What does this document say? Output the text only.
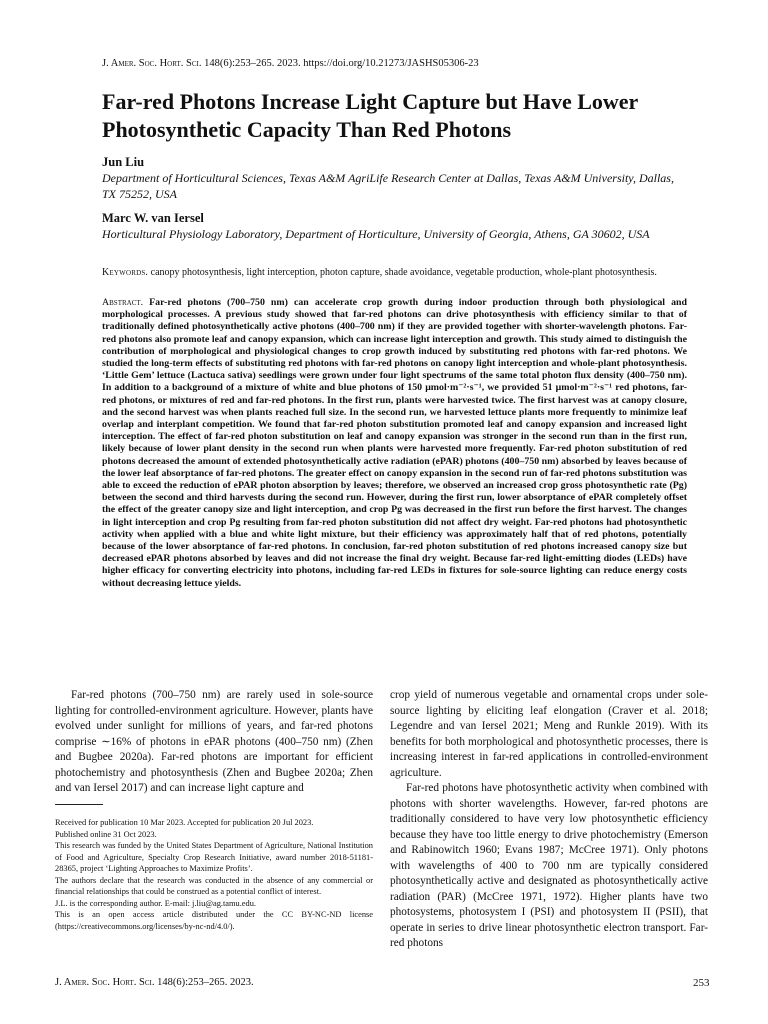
J. Amer. Soc. Hort. Sci. 148(6):253–265. 2023. https://doi.org/10.21273/JASHS05306-23
Far-red Photons Increase Light Capture but Have Lower Photosynthetic Capacity Than Red Photons
Jun Liu
Department of Horticultural Sciences, Texas A&M AgriLife Research Center at Dallas, Texas A&M University, Dallas, TX 75252, USA
Marc W. van Iersel
Horticultural Physiology Laboratory, Department of Horticulture, University of Georgia, Athens, GA 30602, USA
Keywords. canopy photosynthesis, light interception, photon capture, shade avoidance, vegetable production, whole-plant photosynthesis.
Abstract. Far-red photons (700–750 nm) can accelerate crop growth during indoor production through both physiological and morphological processes. A previous study showed that far-red photons can drive photosynthesis with efficiency similar to that of traditionally defined photosynthetically active photons (400–700 nm) if they are provided together with shorter-wavelength photons. Far-red photons also promote leaf and canopy expansion, which can increase light interception and growth. This study aimed to distinguish the contribution of morphological and physiological changes to crop growth induced by substituting red photons with far-red photons. We studied the long-term effects of substituting red photons with far-red photons on canopy light interception and whole-plant photosynthesis. ‘Little Gem’ lettuce (Lactuca sativa) seedlings were grown under four light spectrums of the same total photon flux density (400–750 nm). In addition to a background of a mixture of white and blue photons of 150 μmol·m⁻²·s⁻¹, we provided 51 μmol·m⁻²·s⁻¹ red photons, far-red photons, or mixtures of red and far-red photons. In the first run, plants were harvested twice. The first harvest was at canopy closure, and the second harvest was when plants reached full size. In the second run, we harvested lettuce plants more frequently to minimize leaf overlap and interplant competition. We found that far-red photon substitution promoted leaf and canopy expansion and increased light interception. The effect of far-red photon substitution on leaf and canopy expansion was stronger in the second run than in the first run, likely because of lower plant density in the second run when plants were harvested more frequently. Far-red photon substitution of red photons decreased the amount of extended photosynthetically active radiation (ePAR) photons (400–750 nm) absorbed by leaves because of the lower leaf absorptance of far-red photons. The greater effect on canopy expansion in the second run of far-red photons substitution was able to exceed the reduction of ePAR photon absorption by leaves; therefore, we observed an increased crop gross photosynthetic rate (Pg) between the second and third harvests during the second run. However, during the first run, lower absorptance of ePAR completely offset the effect of the greater canopy size and light interception, and crop Pg was decreased in the first run before the first harvest. The changes in light interception and crop Pg resulting from far-red photon substitution did not affect dry weight. Far-red photons had photosynthetic activity when applied with a blue and white light mixture, but their efficiency was approximately half that of red photons, potentially because of the lower absorptance of far-red photons. In conclusion, far-red photon substitution of red photons increased canopy size but decreased ePAR photons absorbed by leaves and did not increase the final dry weight. Because far-red light-emitting diodes (LEDs) have higher efficacy for converting electricity into photons, including far-red LEDs in fixtures for sole-source lighting can reduce energy costs without decreasing lettuce yields.

Far-red photons (700–750 nm) are rarely used in sole-source lighting for controlled-environment agriculture. However, plants have evolved under sunlight for millions of years, and far-red photons comprise ∼16% of photons in ePAR photons (400–750 nm) (Zhen and Bugbee 2020a). Far-red photons are important for efficient photochemistry and photosynthesis (Zhen and Bugbee 2020a; Zhen and van Iersel 2017) and can increase light capture and

Received for publication 10 Mar 2023. Accepted for publication 20 Jul 2023.

Published online 31 Oct 2023.

This research was funded by the United States Department of Agriculture, National Institution of Food and Agriculture, Specialty Crop Research Initiative, award number 2018-51181-28365, project ‘Lighting Approaches to Maximize Profits’.

The authors declare that the research was conducted in the absence of any commercial or financial relationships that could be construed as a potential conflict of interest.

J.L. is the corresponding author. E-mail: j.liu@ag.tamu.edu.

This is an open access article distributed under the CC BY-NC-ND license (https://creativecommons.org/licenses/by-nc-nd/4.0/).

crop yield of numerous vegetable and ornamental crops under sole-source lighting by eliciting leaf elongation (Craver et al. 2018; Legendre and van Iersel 2021; Meng and Runkle 2019). With its benefits for both morphological and photosynthetic processes, there is increasing interest in far-red applications in controlled-environment agriculture.

Far-red photons have photosynthetic activity when combined with photons with shorter wavelengths. However, far-red photons are traditionally considered to have very low photosynthetic efficiency because they have too little energy to drive photochemistry (Emerson and Rabinowitch 1960; Evans 1987; McCree 1971). Only photons with wavelengths of 400 to 700 nm are typically considered photosynthetically active and designated as photosynthetically active radiation (PAR) (McCree 1971, 1972). Higher plants have two photosystems, photosystem I (PSI) and photosystem II (PSII), that operate in series to drive linear photosynthetic electron transport. Far-red photons

J. Amer. Soc. Hort. Sci. 148(6):253–265. 2023.	253
